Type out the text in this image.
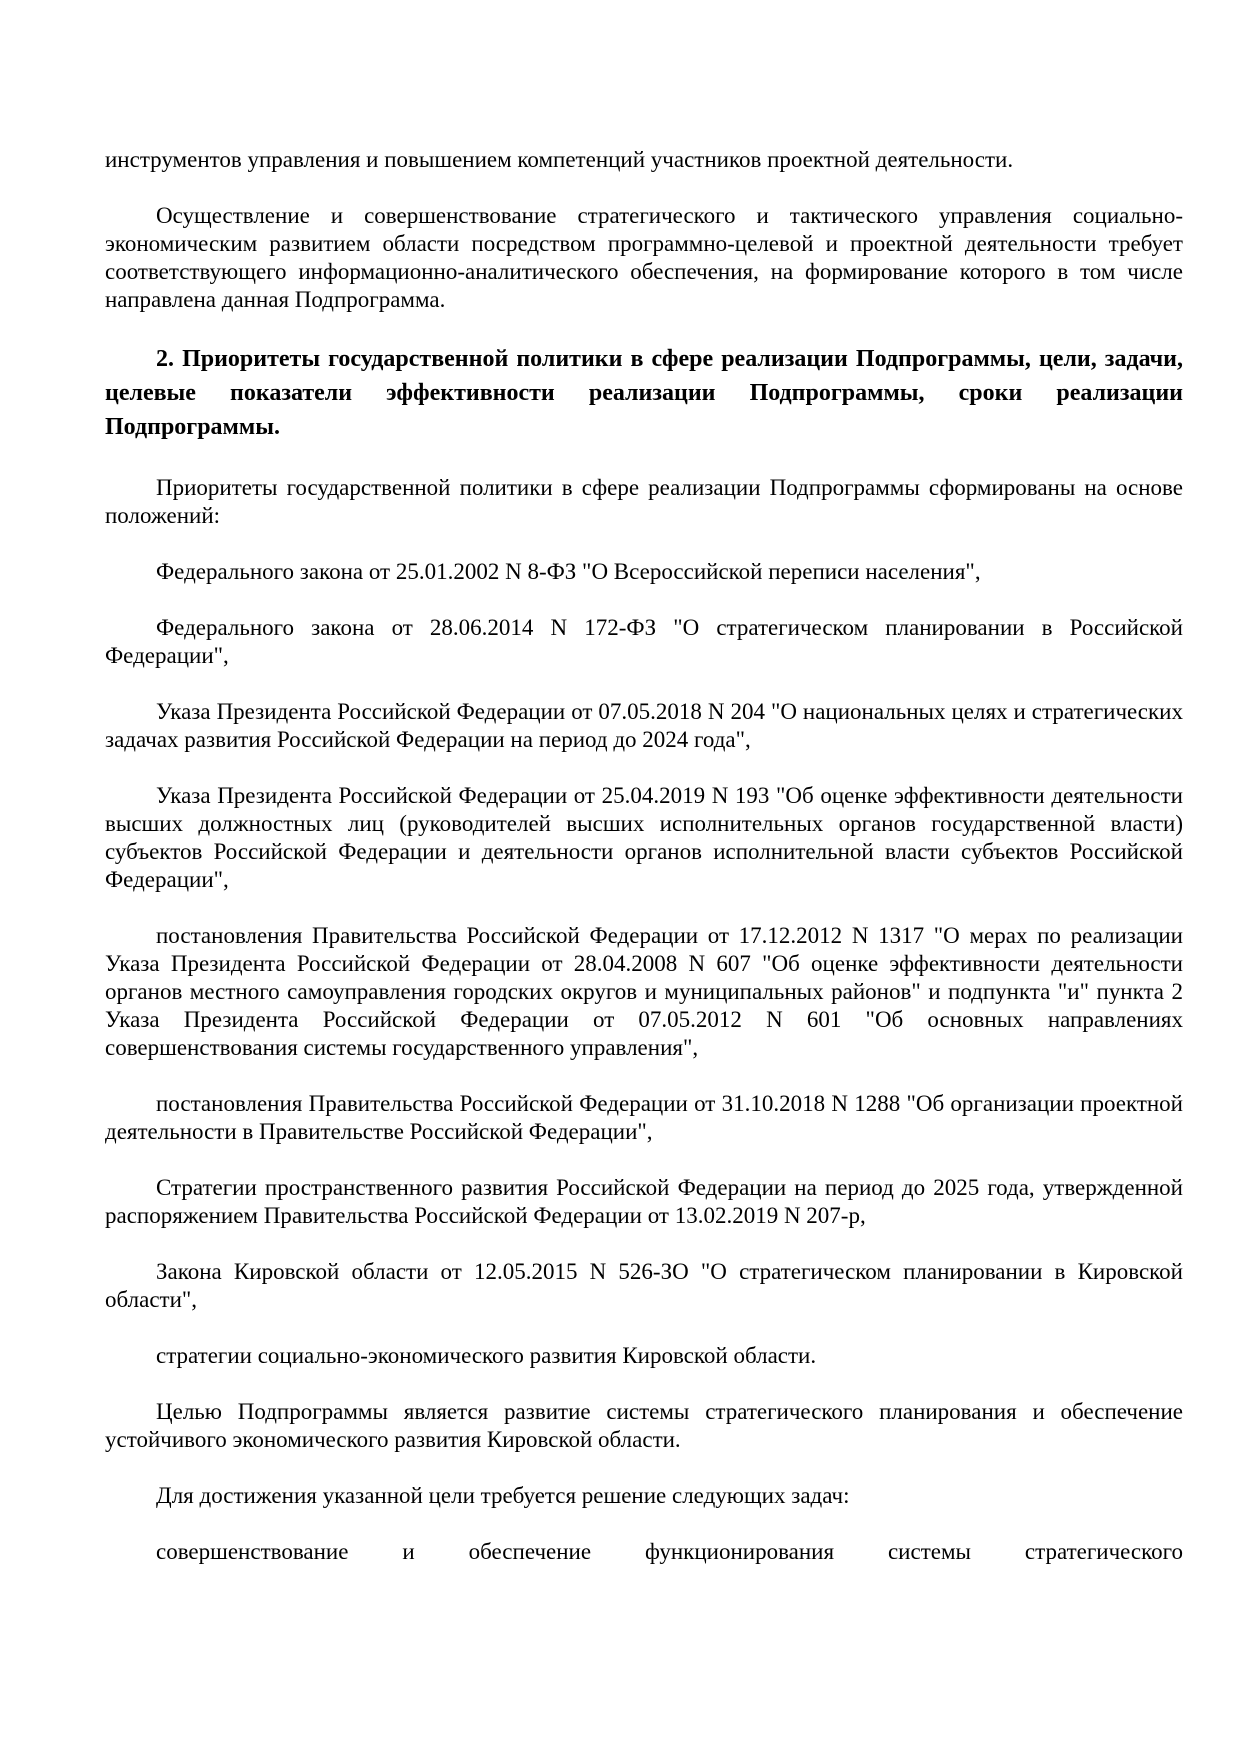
инструментов управления и повышением компетенций участников проектной деятельности.

Осуществление и совершенствование стратегического и тактического управления социально-экономическим развитием области посредством программно-целевой и проектной деятельности требует соответствующего информационно-аналитического обеспечения, на формирование которого в том числе направлена данная Подпрограмма.

2. Приоритеты государственной политики в сфере реализации Подпрограммы, цели, задачи, целевые показатели эффективности реализации Подпрограммы, сроки реализации Подпрограммы.

Приоритеты государственной политики в сфере реализации Подпрограммы сформированы на основе положений:

Федерального закона от 25.01.2002 N 8-ФЗ "О Всероссийской переписи населения",

Федерального закона от 28.06.2014 N 172-ФЗ "О стратегическом планировании в Российской Федерации",

Указа Президента Российской Федерации от 07.05.2018 N 204 "О национальных целях и стратегических задачах развития Российской Федерации на период до 2024 года",

Указа Президента Российской Федерации от 25.04.2019 N 193 "Об оценке эффективности деятельности высших должностных лиц (руководителей высших исполнительных органов государственной власти) субъектов Российской Федерации и деятельности органов исполнительной власти субъектов Российской Федерации",

постановления Правительства Российской Федерации от 17.12.2012 N 1317 "О мерах по реализации Указа Президента Российской Федерации от 28.04.2008 N 607 "Об оценке эффективности деятельности органов местного самоуправления городских округов и муниципальных районов" и подпункта "и" пункта 2 Указа Президента Российской Федерации от 07.05.2012 N 601 "Об основных направлениях совершенствования системы государственного управления",

постановления Правительства Российской Федерации от 31.10.2018 N 1288 "Об организации проектной деятельности в Правительстве Российской Федерации",

Стратегии пространственного развития Российской Федерации на период до 2025 года, утвержденной распоряжением Правительства Российской Федерации от 13.02.2019 N 207-р,

Закона Кировской области от 12.05.2015 N 526-ЗО "О стратегическом планировании в Кировской области",

стратегии социально-экономического развития Кировской области.

Целью Подпрограммы является развитие системы стратегического планирования и обеспечение устойчивого экономического развития Кировской области.

Для достижения указанной цели требуется решение следующих задач:

совершенствование и обеспечение функционирования системы стратегического
